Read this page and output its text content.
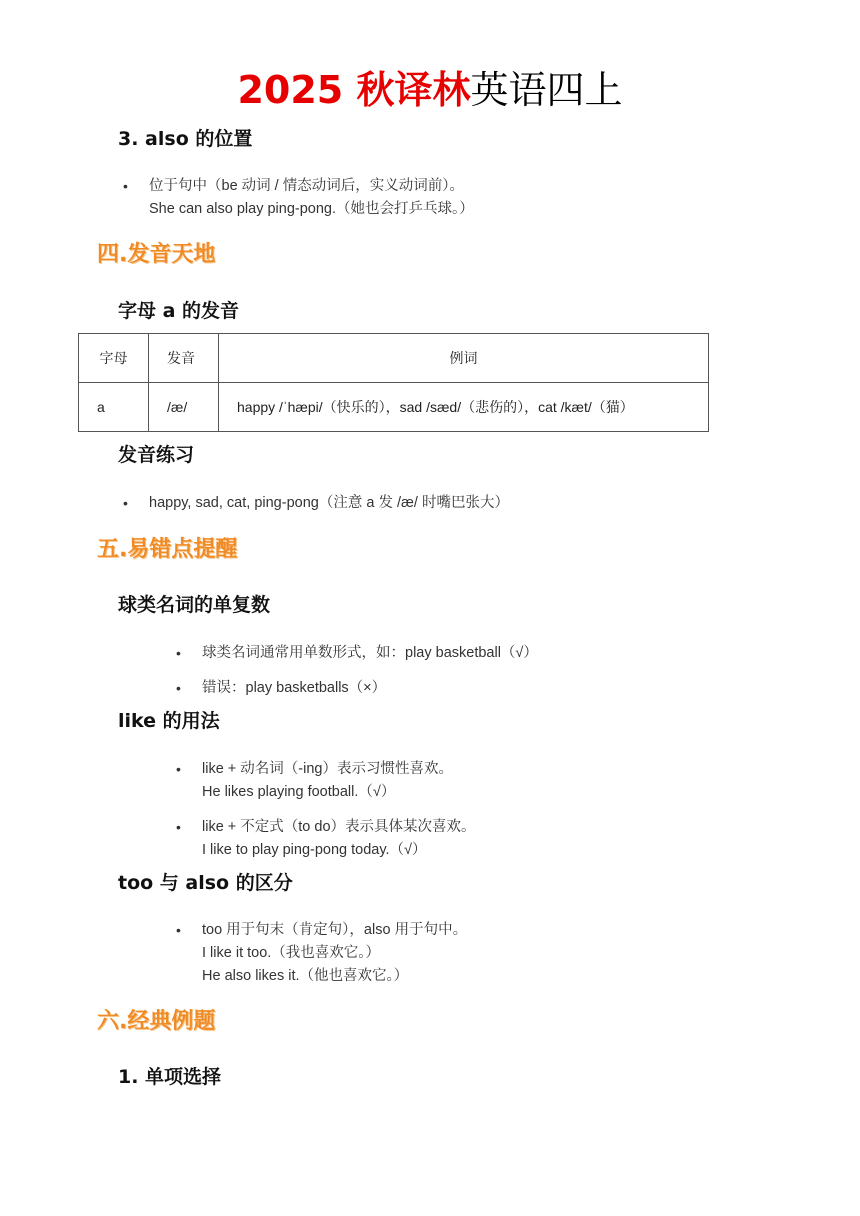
2025 秋译林英语四上
3. also 的位置
• 位于句中（be 动词 / 情态动词后，实义动词前）。
She can also play ping-pong.（她也会打乒乓球。）
四.发音天地
字母 a 的发音
字母	发音	例词
a	/æ/	happy /ˈhæpi/（快乐的），sad /sæd/（悲伤的），cat /kæt/（猫）
发音练习
• happy, sad, cat, ping-pong（注意 a 发 /æ/ 时嘴巴张大）
五.易错点提醒
球类名词的单复数
• 球类名词通常用单数形式，如：play basketball（√）
• 错误：play basketballs（×）
like 的用法
• like + 动名词（-ing）表示习惯性喜欢。
He likes playing football.（√）
• like + 不定式（to do）表示具体某次喜欢。
I like to play ping-pong today.（√）
too 与 also 的区分
• too 用于句末（肯定句），also 用于句中。
I like it too.（我也喜欢它。）
He also likes it.（他也喜欢它。）
六.经典例题
1. 单项选择
